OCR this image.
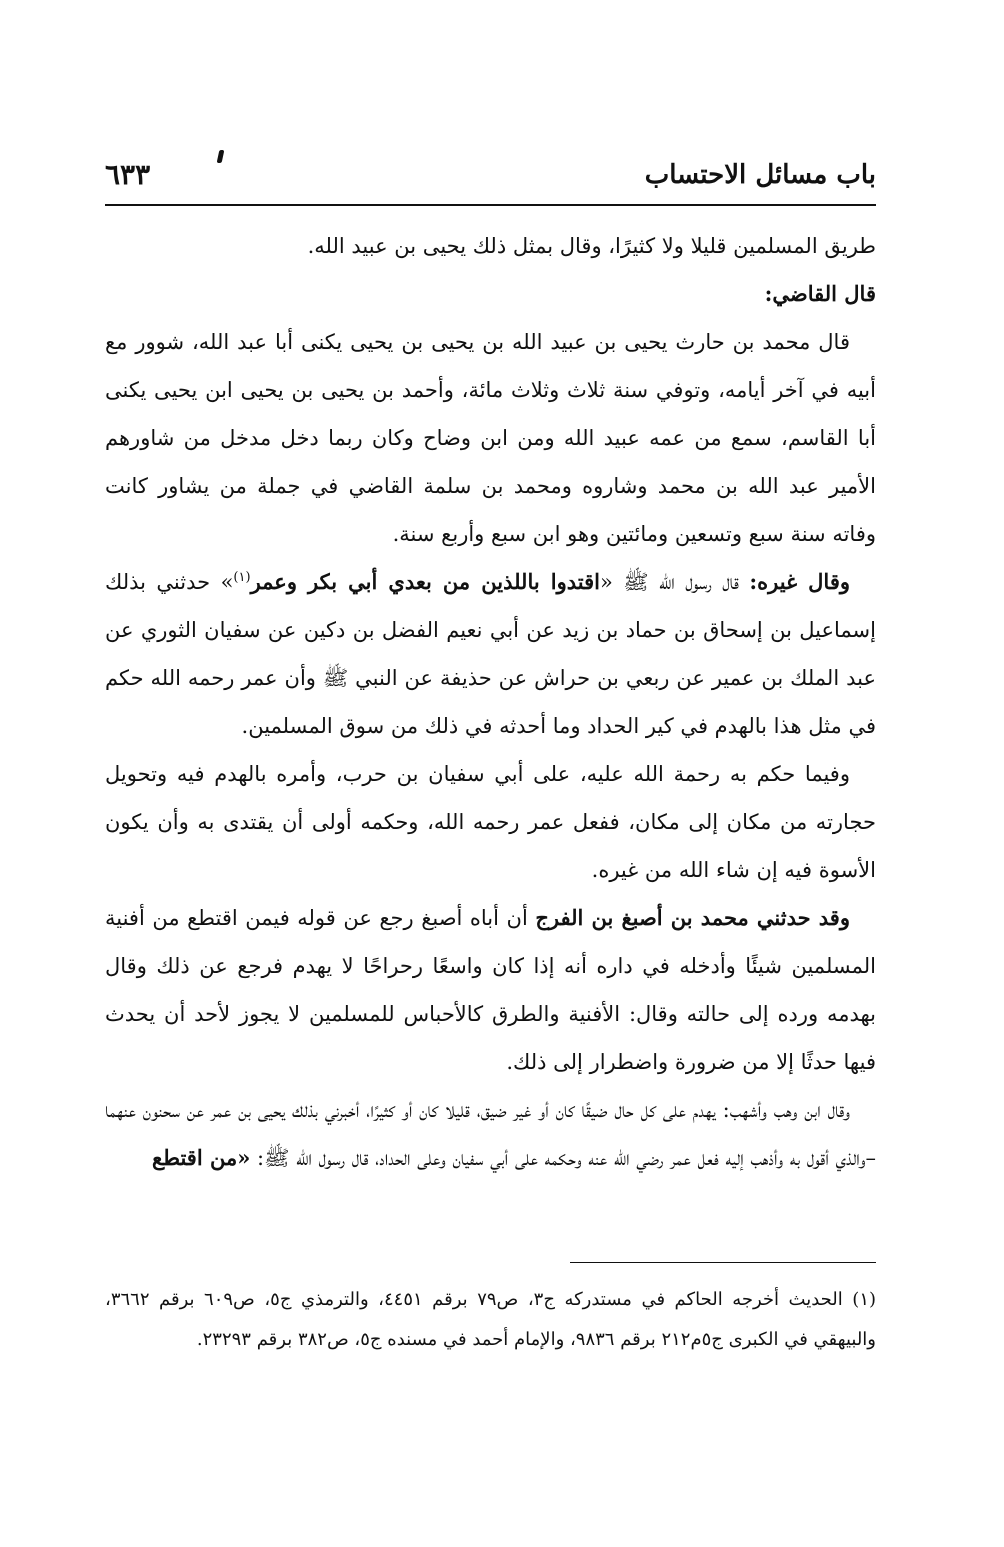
باب مسائل الاحتساب
٦٣٣

طريق المسلمين قليلا ولا كثيرًا، وقال بمثل ذلك يحيى بن عبيد الله.

قال القاضي:

قال محمد بن حارث يحيى بن عبيد الله بن يحيى بن يحيى يكنى أبا عبد الله، شوور مع أبيه في آخر أيامه، وتوفي سنة ثلاث وثلاث مائة، وأحمد بن يحيى بن يحيى ابن يحيى يكنى أبا القاسم، سمع من عمه عبيد الله ومن ابن وضاح وكان ربما دخل مدخل من شاورهم الأمير عبد الله بن محمد وشاروه ومحمد بن سلمة القاضي في جملة من يشاور كانت وفاته سنة سبع وتسعين ومائتين وهو ابن سبع وأربع سنة.

وقال غيره: قال رسول الله ﷺ «اقتدوا باللذين من بعدي أبي بكر وعمر$^{(١)}$» حدثني بذلك إسماعيل بن إسحاق بن حماد بن زيد عن أبي نعيم الفضل بن دكين عن سفيان الثوري عن عبد الملك بن عمير عن ربعي بن حراش عن حذيفة عن النبي ﷺ وأن عمر رحمه الله حكم في مثل هذا بالهدم في كير الحداد وما أحدثه في ذلك من سوق المسلمين.

وفيما حكم به رحمة الله عليه، على أبي سفيان بن حرب، وأمره بالهدم فيه وتحويل حجارته من مكان إلى مكان، ففعل عمر رحمه الله، وحكمه أولى أن يقتدى به وأن يكون الأسوة فيه إن شاء الله من غيره.

وقد حدثني محمد بن أصبغ بن الفرج أن أباه أصبغ رجع عن قوله فيمن اقتطع من أفنية المسلمين شيئًا وأدخله في داره أنه إذا كان واسعًا رحراحًا لا يهدم فرجع عن ذلك وقال بهدمه ورده إلى حالته وقال: الأفنية والطرق كالأحباس للمسلمين لا يجوز لأحد أن يحدث فيها حدثًا إلا من ضرورة واضطرار إلى ذلك.

وقال ابن وهب وأشهب: يهدم على كل حال ضيقًا كان أو غير ضيق، قليلا كان أو كثيرًا، أخبرني بذلك يحيى بن عمر عن سحنون عنهما –والذي أقول به وأذهب إليه فعل عمر رضي الله عنه وحكمه على أبي سفيان وعلى الحداد، قال رسول الله ﷺ: «من اقتطع

(١) الحديث أخرجه الحاكم في مستدركه ج٣، ص٧٩ برقم ٤٤٥١، والترمذي ج٥، ص٦٠٩ برقم ٣٦٦٢، والبيهقي في الكبرى ج٥م٢١٢ برقم ٩٨٣٦، والإمام أحمد في مسنده ج٥، ص٣٨٢ برقم ٢٣٢٩٣.
